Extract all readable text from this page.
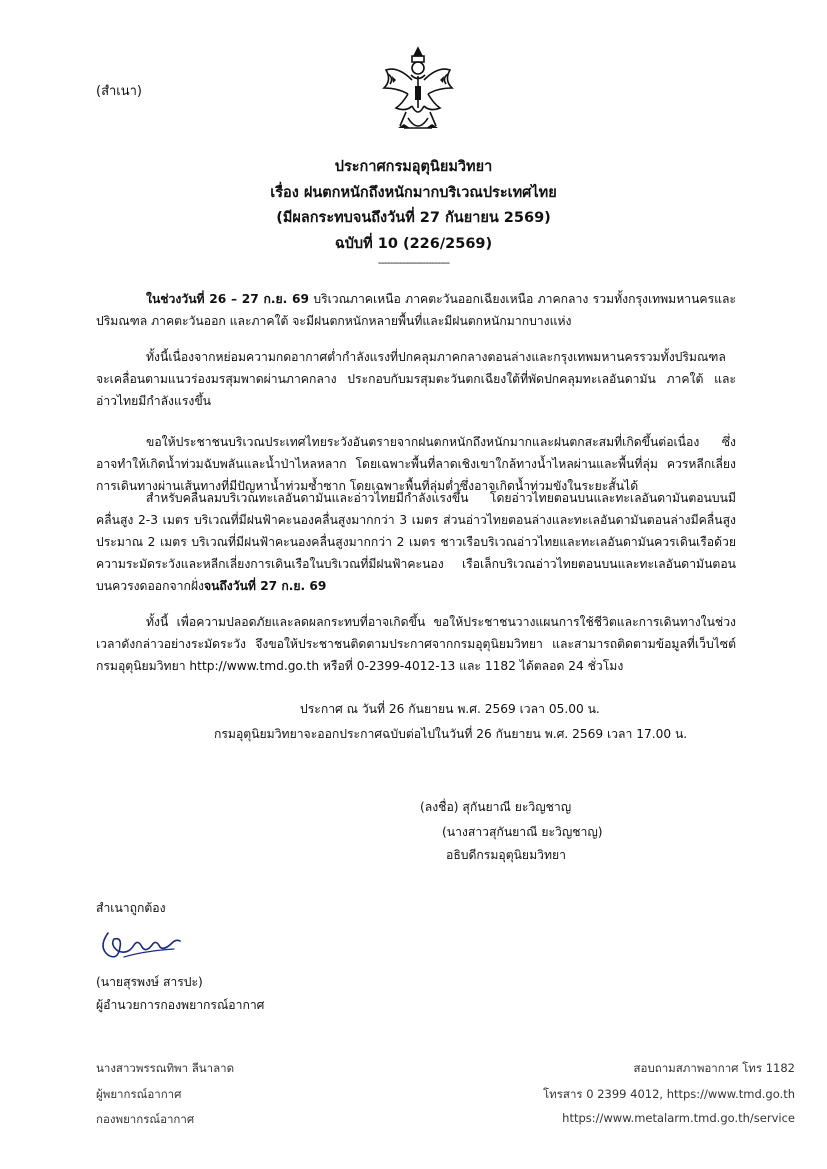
(สำเนา)
ประกาศกรมอุตุนิยมวิทยา
เรื่อง ฝนตกหนักถึงหนักมากบริเวณประเทศไทย
(มีผลกระทบจนถึงวันที่ 27 กันยายน 2569)
ฉบับที่ 10 (226/2569)
------------------------
ในช่วงวันที่ 26 – 27 ก.ย. 69 บริเวณภาคเหนือ ภาคตะวันออกเฉียงเหนือ ภาคกลาง รวมทั้งกรุงเทพมหานครและปริมณฑล ภาคตะวันออก และภาคใต้ จะมีฝนตกหนักหลายพื้นที่และมีฝนตกหนักมากบางแห่ง
ทั้งนี้เนื่องจากหย่อมความกดอากาศต่ำกำลังแรงที่ปกคลุมภาคกลางตอนล่างและกรุงเทพมหานครรวมทั้งปริมณฑลจะเคลื่อนตามแนวร่องมรสุมพาดผ่านภาคกลาง ประกอบกับมรสุมตะวันตกเฉียงใต้ที่พัดปกคลุมทะเลอันดามัน ภาคใต้ และอ่าวไทยมีกำลังแรงขึ้น
ขอให้ประชาชนบริเวณประเทศไทยระวังอันตรายจากฝนตกหนักถึงหนักมากและฝนตกสะสมที่เกิดขึ้นต่อเนื่อง ซึ่งอาจทำให้เกิดน้ำท่วมฉับพลันและน้ำป่าไหลหลาก โดยเฉพาะพื้นที่ลาดเชิงเขาใกล้ทางน้ำไหลผ่านและพื้นที่ลุ่ม ควรหลีกเลี่ยงการเดินทางผ่านเส้นทางที่มีปัญหาน้ำท่วมซ้ำซาก โดยเฉพาะพื้นที่ลุ่มต่ำซึ่งอาจเกิดน้ำท่วมขังในระยะสั้นได้
สำหรับคลื่นลมบริเวณทะเลอันดามันและอ่าวไทยมีกำลังแรงขึ้น โดยอ่าวไทยตอนบนและทะเลอันดามันตอนบนมีคลื่นสูง 2-3 เมตร บริเวณที่มีฝนฟ้าคะนองคลื่นสูงมากกว่า 3 เมตร ส่วนอ่าวไทยตอนล่างและทะเลอันดามันตอนล่างมีคลื่นสูงประมาณ 2 เมตร บริเวณที่มีฝนฟ้าคะนองคลื่นสูงมากกว่า 2 เมตร ชาวเรือบริเวณอ่าวไทยและทะเลอันดามันควรเดินเรือด้วยความระมัดระวังและหลีกเลี่ยงการเดินเรือในบริเวณที่มีฝนฟ้าคะนอง เรือเล็กบริเวณอ่าวไทยตอนบนและทะเลอันดามันตอนบนควรงดออกจากฝั่งจนถึงวันที่ 27 ก.ย. 69
ทั้งนี้ เพื่อความปลอดภัยและลดผลกระทบที่อาจเกิดขึ้น ขอให้ประชาชนวางแผนการใช้ชีวิตและการเดินทางในช่วงเวลาดังกล่าวอย่างระมัดระวัง จึงขอให้ประชาชนติดตามประกาศจากกรมอุตุนิยมวิทยา และสามารถติดตามข้อมูลที่เว็บไซต์กรมอุตุนิยมวิทยา http://www.tmd.go.th หรือที่ 0-2399-4012-13 และ 1182 ได้ตลอด 24 ชั่วโมง
ประกาศ ณ วันที่ 26 กันยายน พ.ศ. 2569 เวลา 05.00 น.
กรมอุตุนิยมวิทยาจะออกประกาศฉบับต่อไปในวันที่ 26 กันยายน พ.ศ. 2569 เวลา 17.00 น.
(ลงชื่อ) สุกันยาณี ยะวิญชาญ
(นางสาวสุกันยาณี ยะวิญชาญ)
อธิบดีกรมอุตุนิยมวิทยา
สำเนาถูกต้อง
(นายสุรพงษ์ สารปะ)
ผู้อำนวยการกองพยากรณ์อากาศ
นางสาวพรรณทิพา ลีนาลาด
ผู้พยากรณ์อากาศ
กองพยากรณ์อากาศ
สอบถามสภาพอากาศ โทร 1182
โทรสาร 0 2399 4012, https://www.tmd.go.th
https://www.metalarm.tmd.go.th/service
